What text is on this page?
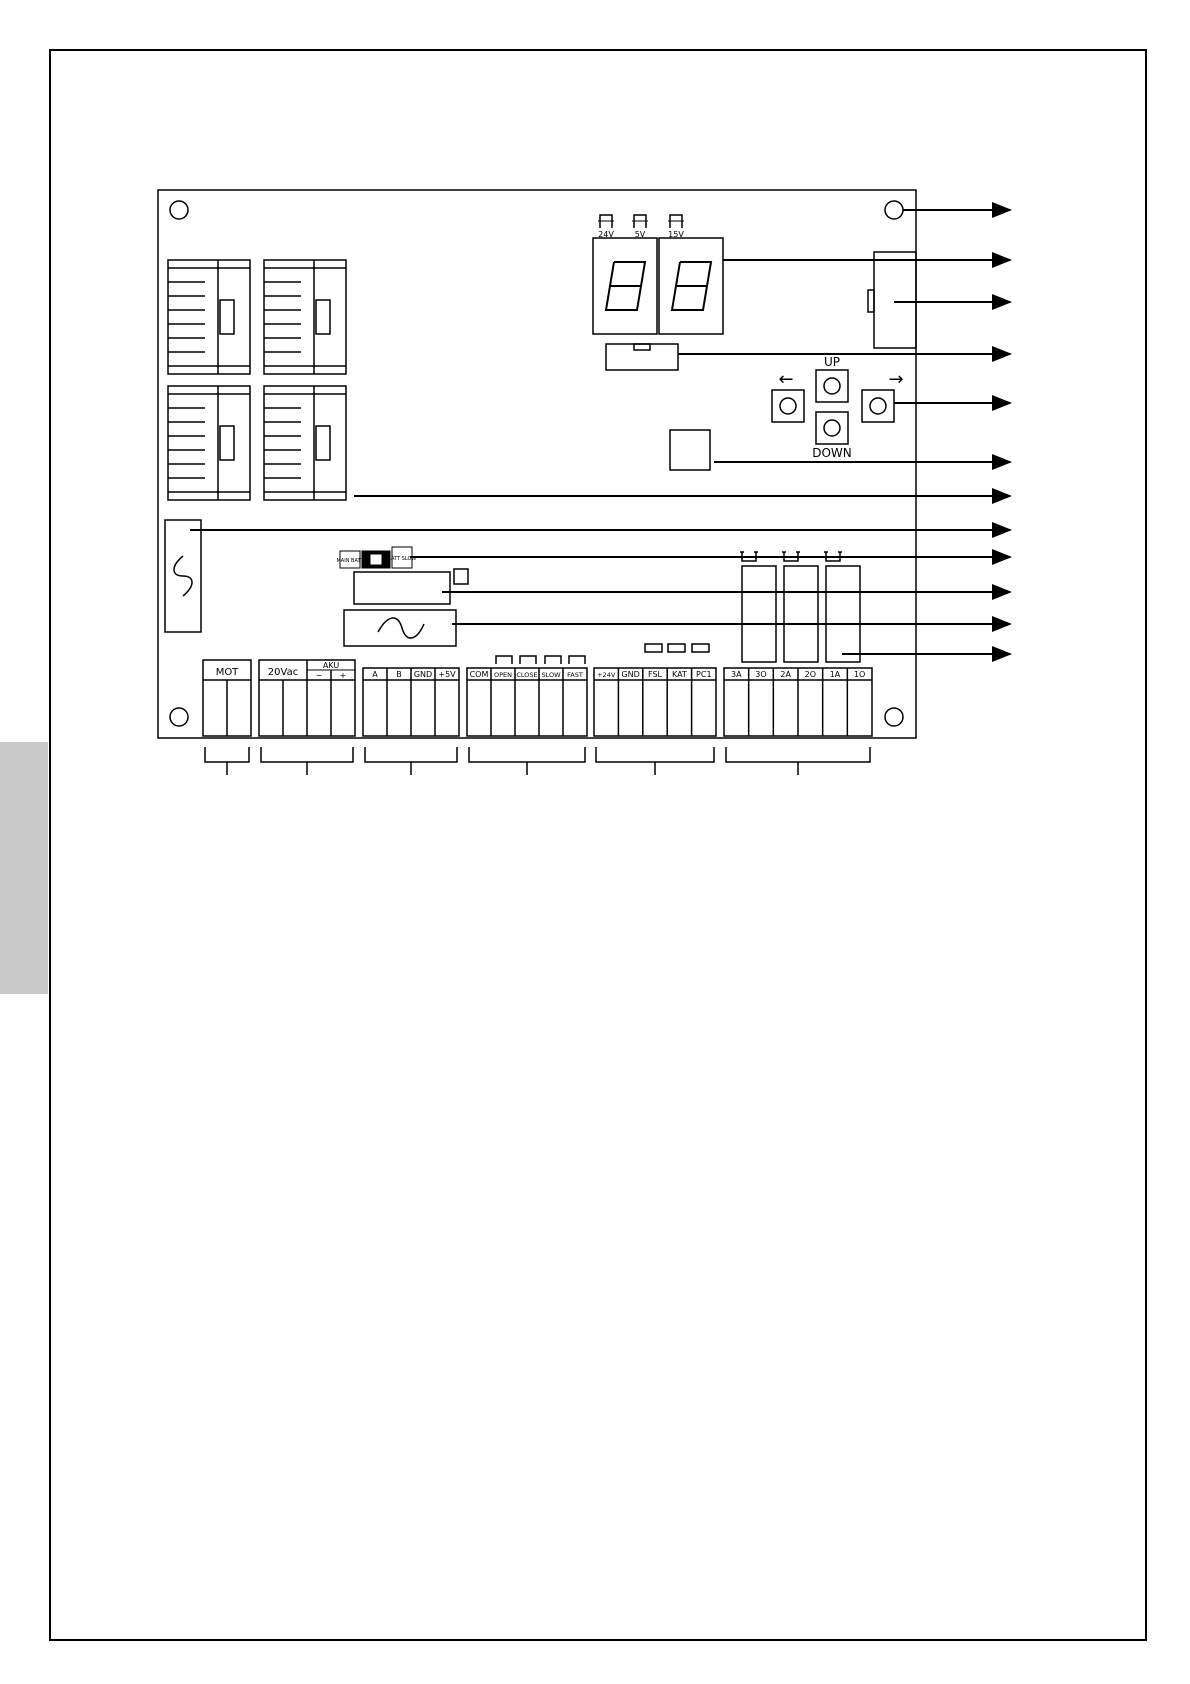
24V	5V	15V
←
UP
DOWN
→
MAIN BATT	BATT SLOW
MOT	20Vac
AKU
− +	A B GND +5V COM OPEN CLOSE SLOW FAST +24V GND FSL KAT PC1 3A 3O 2A 2O 1A 1O
